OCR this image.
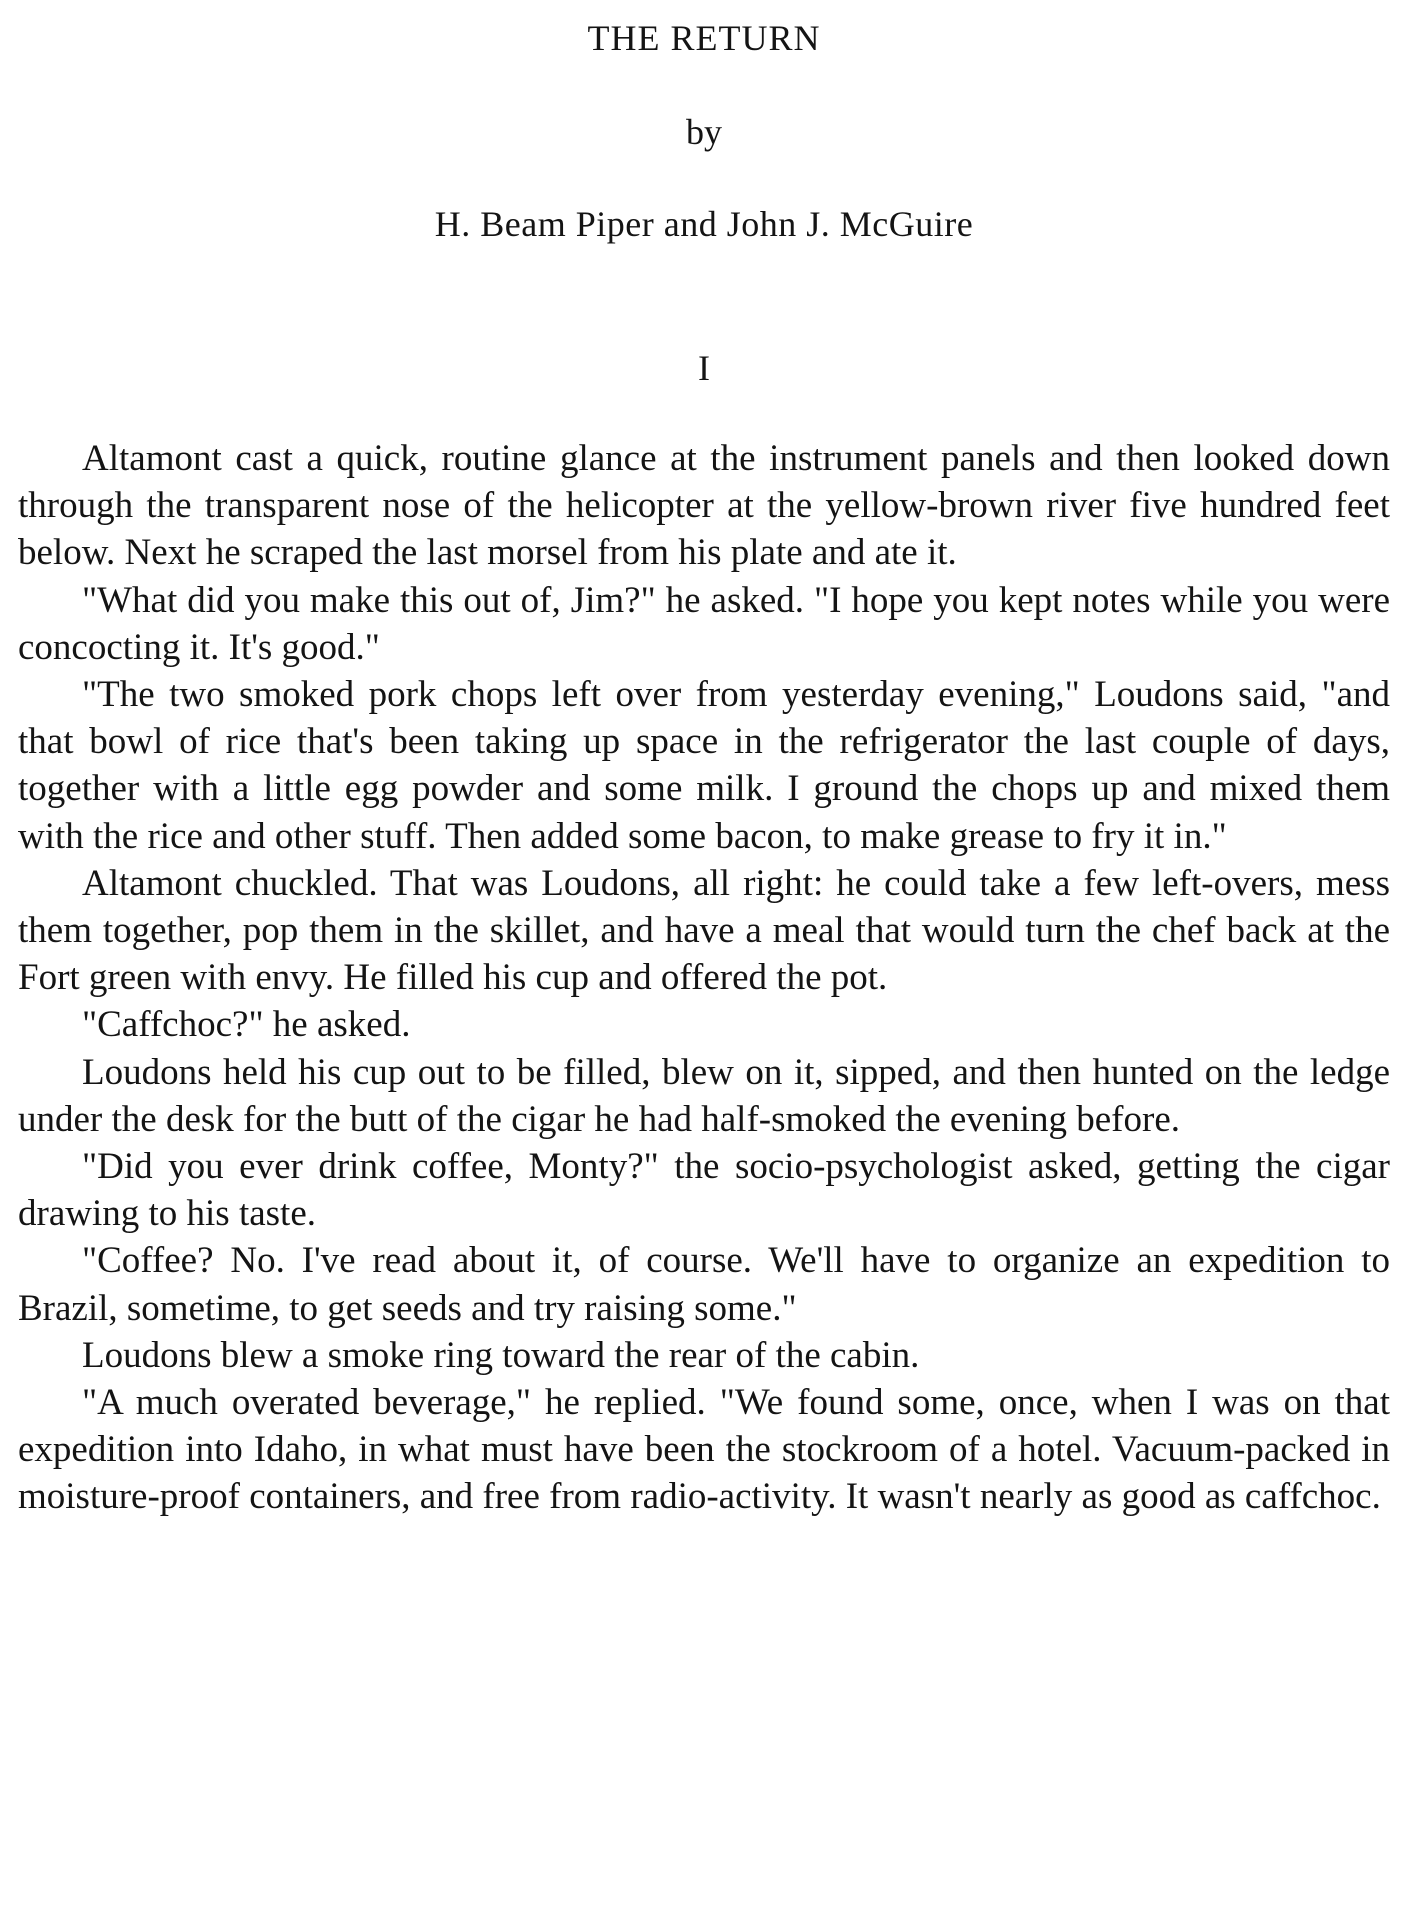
THE RETURN
by
H. Beam Piper and John J. McGuire
I

Altamont cast a quick, routine glance at the instrument panels and then looked down through the transparent nose of the helicopter at the yellow-brown river five hundred feet below. Next he scraped the last morsel from his plate and ate it.

"What did you make this out of, Jim?" he asked. "I hope you kept notes while you were concocting it. It's good."

"The two smoked pork chops left over from yesterday evening," Loudons said, "and that bowl of rice that's been taking up space in the refrigerator the last couple of days, together with a little egg powder and some milk. I ground the chops up and mixed them with the rice and other stuff. Then added some bacon, to make grease to fry it in."

Altamont chuckled. That was Loudons, all right: he could take a few left-overs, mess them together, pop them in the skillet, and have a meal that would turn the chef back at the Fort green with envy. He filled his cup and offered the pot.

"Caffchoc?" he asked.

Loudons held his cup out to be filled, blew on it, sipped, and then hunted on the ledge under the desk for the butt of the cigar he had half-smoked the evening before.

"Did you ever drink coffee, Monty?" the socio-psychologist asked, getting the cigar drawing to his taste.

"Coffee? No. I've read about it, of course. We'll have to organize an expedition to Brazil, sometime, to get seeds and try raising some."

Loudons blew a smoke ring toward the rear of the cabin.

"A much overated beverage," he replied. "We found some, once, when I was on that expedition into Idaho, in what must have been the stockroom of a hotel. Vacuum-packed in moisture-proof containers, and free from radio-activity. It wasn't nearly as good as caffchoc.
